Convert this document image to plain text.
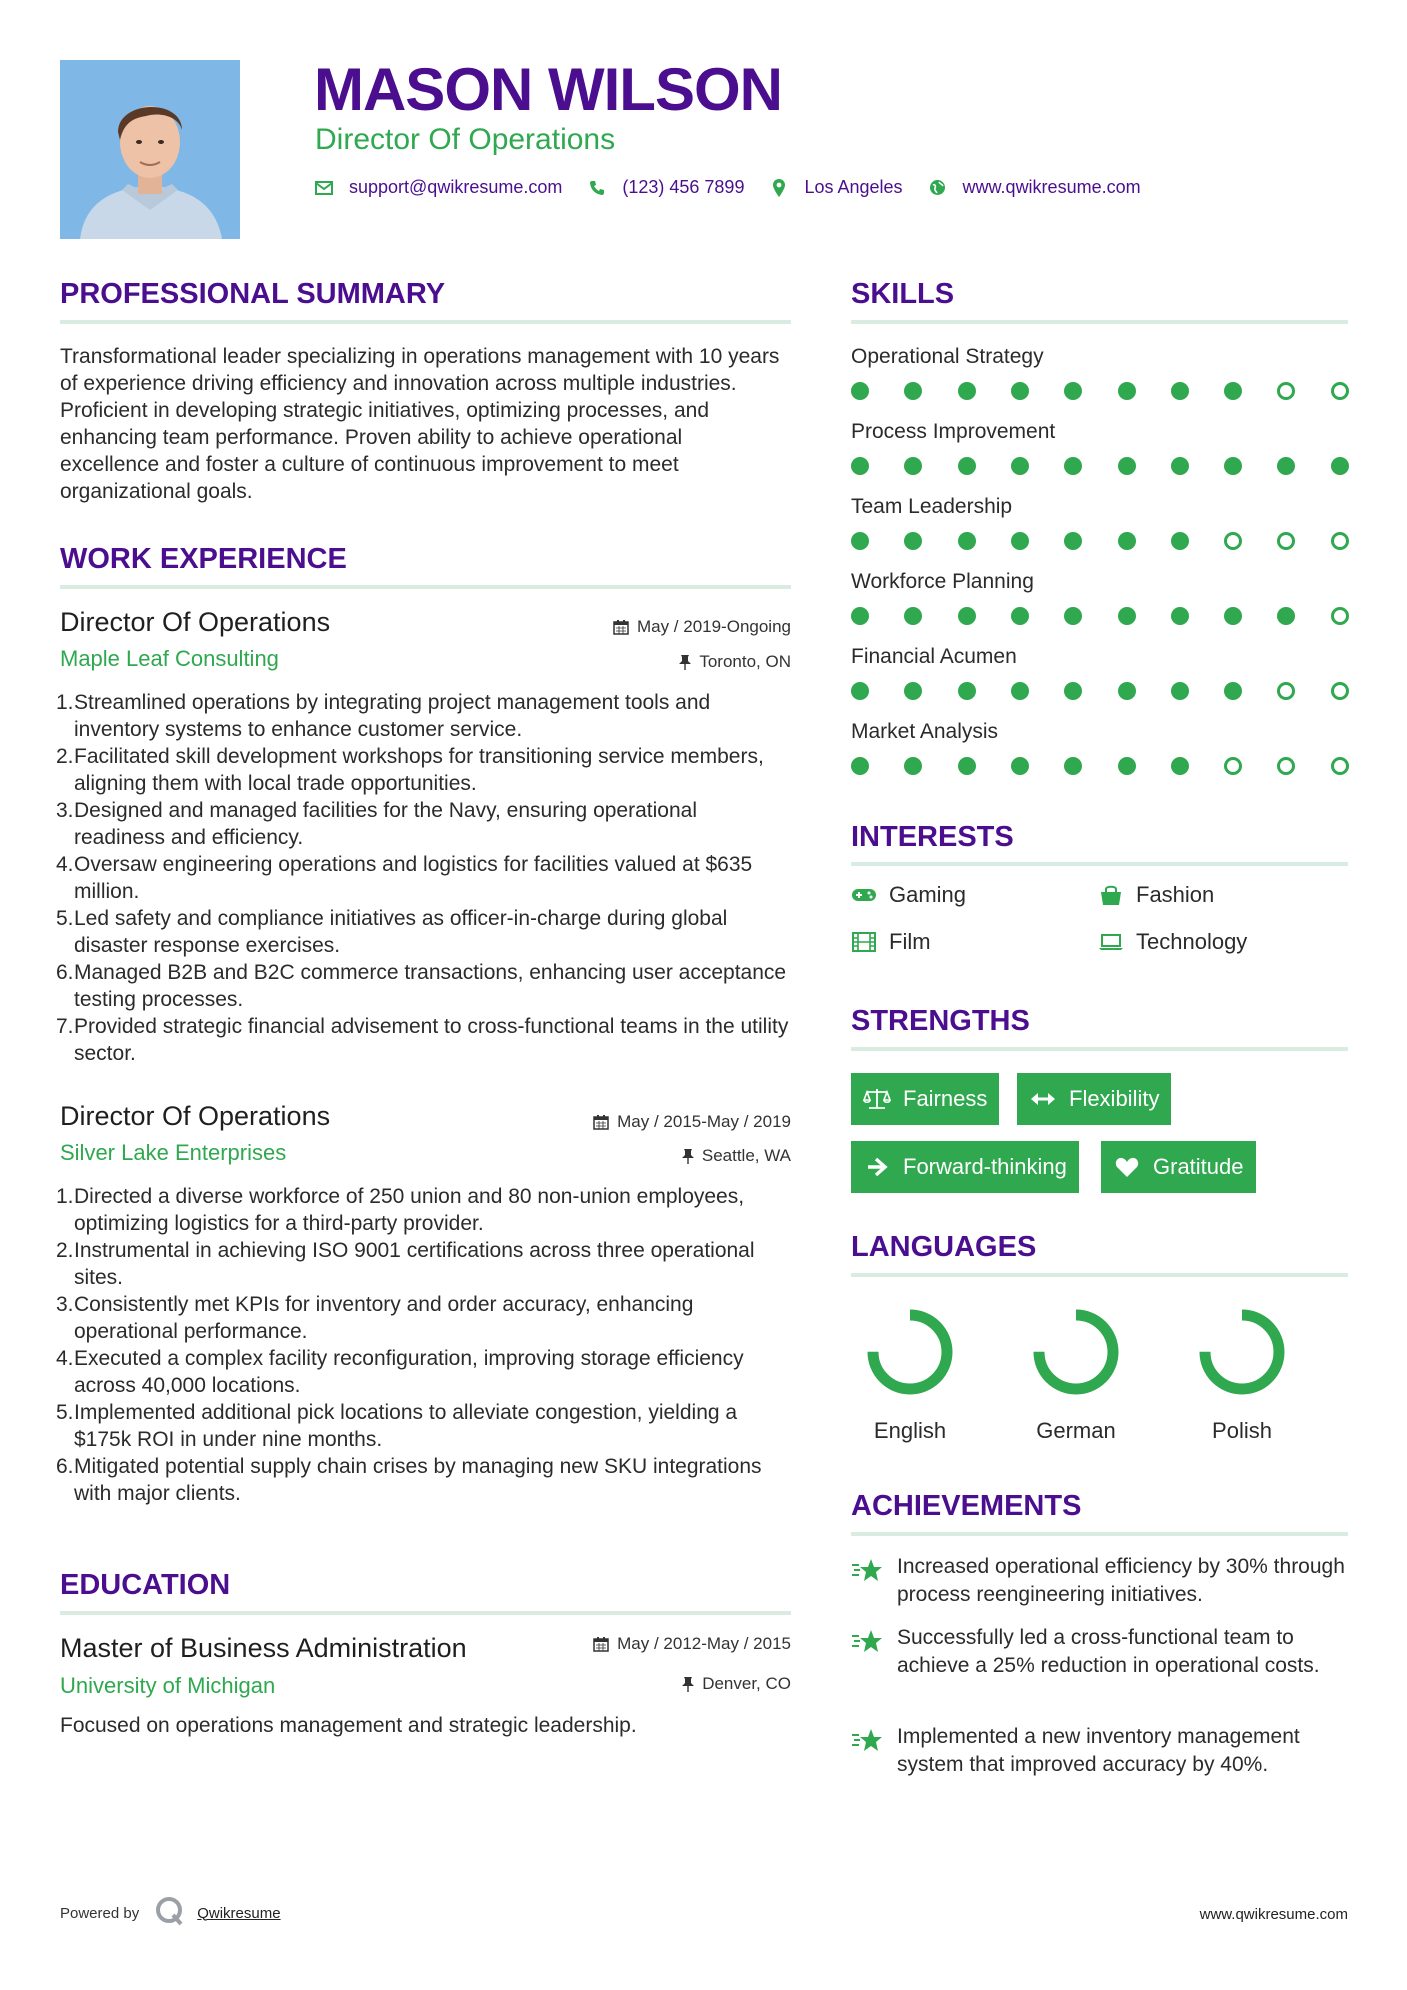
MASON WILSON
Director Of Operations
support@qwikresume.com	(123) 456 7899	Los Angeles	www.qwikresume.com
PROFESSIONAL SUMMARY
Transformational leader specializing in operations management with 10 years of experience driving efficiency and innovation across multiple industries. Proficient in developing strategic initiatives, optimizing processes, and enhancing team performance. Proven ability to achieve operational excellence and foster a culture of continuous improvement to meet organizational goals.
WORK EXPERIENCE
Director Of Operations	May / 2019-Ongoing
Maple Leaf Consulting	Toronto, ON
1. Streamlined operations by integrating project management tools and inventory systems to enhance customer service.
2. Facilitated skill development workshops for transitioning service members, aligning them with local trade opportunities.
3. Designed and managed facilities for the Navy, ensuring operational readiness and efficiency.
4. Oversaw engineering operations and logistics for facilities valued at $635 million.
5. Led safety and compliance initiatives as officer-in-charge during global disaster response exercises.
6. Managed B2B and B2C commerce transactions, enhancing user acceptance testing processes.
7. Provided strategic financial advisement to cross-functional teams in the utility sector.
Director Of Operations	May / 2015-May / 2019
Silver Lake Enterprises	Seattle, WA
1. Directed a diverse workforce of 250 union and 80 non-union employees, optimizing logistics for a third-party provider.
2. Instrumental in achieving ISO 9001 certifications across three operational sites.
3. Consistently met KPIs for inventory and order accuracy, enhancing operational performance.
4. Executed a complex facility reconfiguration, improving storage efficiency across 40,000 locations.
5. Implemented additional pick locations to alleviate congestion, yielding a $175k ROI in under nine months.
6. Mitigated potential supply chain crises by managing new SKU integrations with major clients.
EDUCATION
Master of Business Administration	May / 2012-May / 2015
University of Michigan	Denver, CO
Focused on operations management and strategic leadership.
SKILLS
Operational Strategy
Process Improvement
Team Leadership
Workforce Planning
Financial Acumen
Market Analysis
INTERESTS
Gaming	Fashion
Film	Technology
STRENGTHS
Fairness	Flexibility
Forward-thinking	Gratitude
LANGUAGES
English	German	Polish
ACHIEVEMENTS
Increased operational efficiency by 30% through process reengineering initiatives.
Successfully led a cross-functional team to achieve a 25% reduction in operational costs.
Implemented a new inventory management system that improved accuracy by 40%.
Powered by	Qwikresume	www.qwikresume.com
